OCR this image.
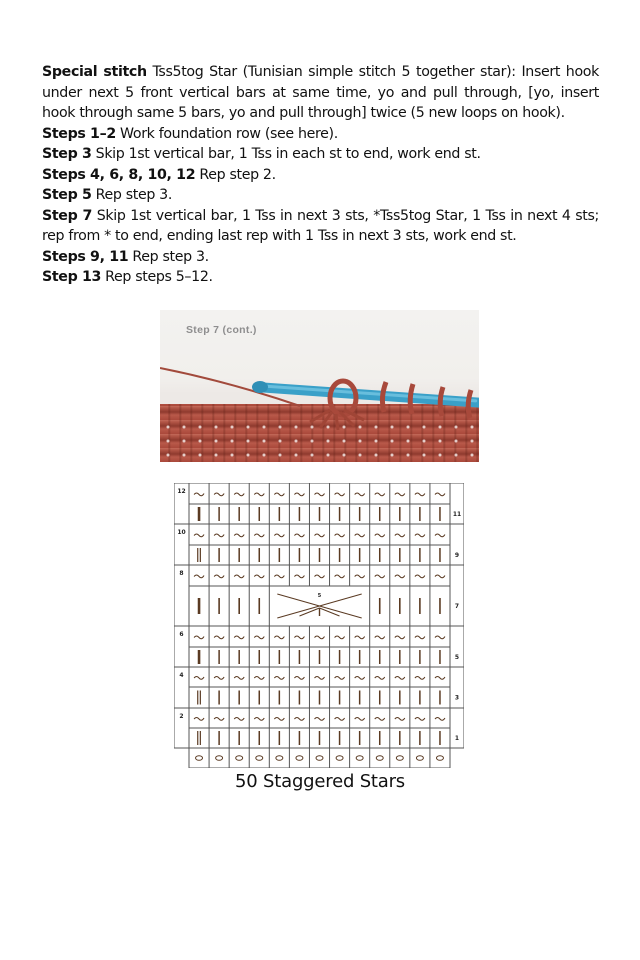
Special stitch Tss5tog Star (Tunisian simple stitch 5 together star): Insert hook under next 5 front vertical bars at same time, yo and pull through, [yo, insert hook through same 5 bars, yo and pull through] twice (5 new loops on hook).

Steps 1–2 Work foundation row (see here).

Step 3 Skip 1st vertical bar, 1 Tss in each st to end, work end st.

Steps 4, 6, 8, 10, 12 Rep step 2.

Step 5 Rep step 3.

Step 7 Skip 1st vertical bar, 1 Tss in next 3 sts, *Tss5tog Star, 1 Tss in next 4 sts; rep from * to end, ending last rep with 1 Tss in next 3 sts, work end st.

Steps 9, 11 Rep step 3.

Step 13 Rep steps 5–12.

Step 7 (cont.)
5
12
10
8
6
4
2
11
9
7
5
3
1
50 Staggered Stars
